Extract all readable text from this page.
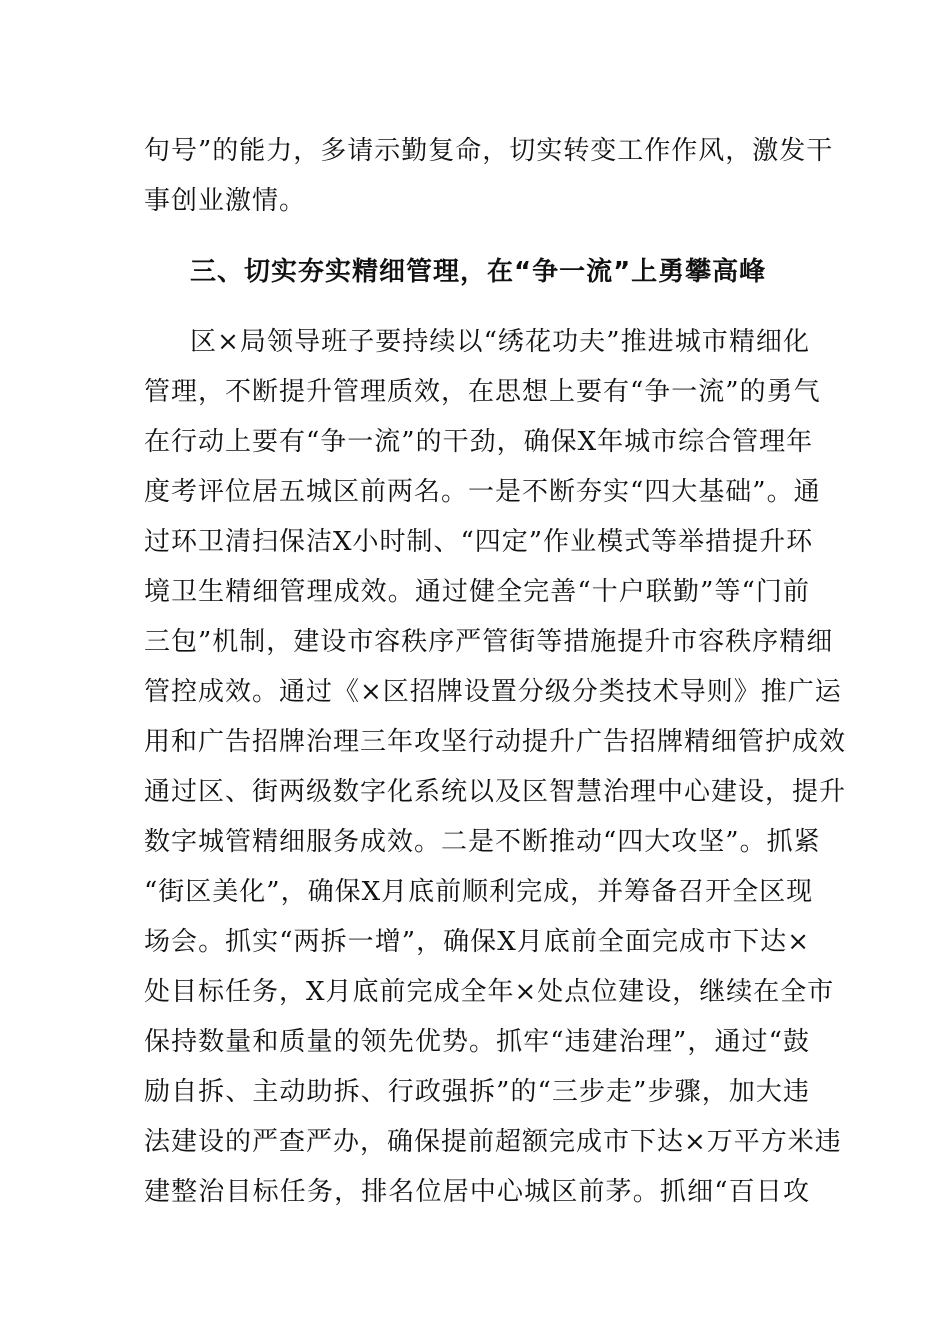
句号”的能力，多请示勤复命，切实转变工作作风，激发干
事创业激情。
三、切实夯实精细管理，在“争一流”上勇攀高峰
区×局领导班子要持续以“绣花功夫”推进城市精细化
管理，不断提升管理质效，在思想上要有“争一流”的勇气
在行动上要有“争一流”的干劲，确保X年城市综合管理年
度考评位居五城区前两名。一是不断夯实“四大基础”。通
过环卫清扫保洁X小时制、“四定”作业模式等举措提升环
境卫生精细管理成效。通过健全完善“十户联勤”等“门前
三包”机制，建设市容秩序严管街等措施提升市容秩序精细
管控成效。通过《×区招牌设置分级分类技术导则》推广运
用和广告招牌治理三年攻坚行动提升广告招牌精细管护成效
通过区、街两级数字化系统以及区智慧治理中心建设，提升
数字城管精细服务成效。二是不断推动“四大攻坚”。抓紧
“街区美化”，确保X月底前顺利完成，并筹备召开全区现
场会。抓实“两拆一增”，确保X月底前全面完成市下达×
处目标任务，X月底前完成全年×处点位建设，继续在全市
保持数量和质量的领先优势。抓牢“违建治理”，通过“鼓
励自拆、主动助拆、行政强拆”的“三步走”步骤，加大违
法建设的严查严办，确保提前超额完成市下达×万平方米违
建整治目标任务，排名位居中心城区前茅。抓细“百日攻
